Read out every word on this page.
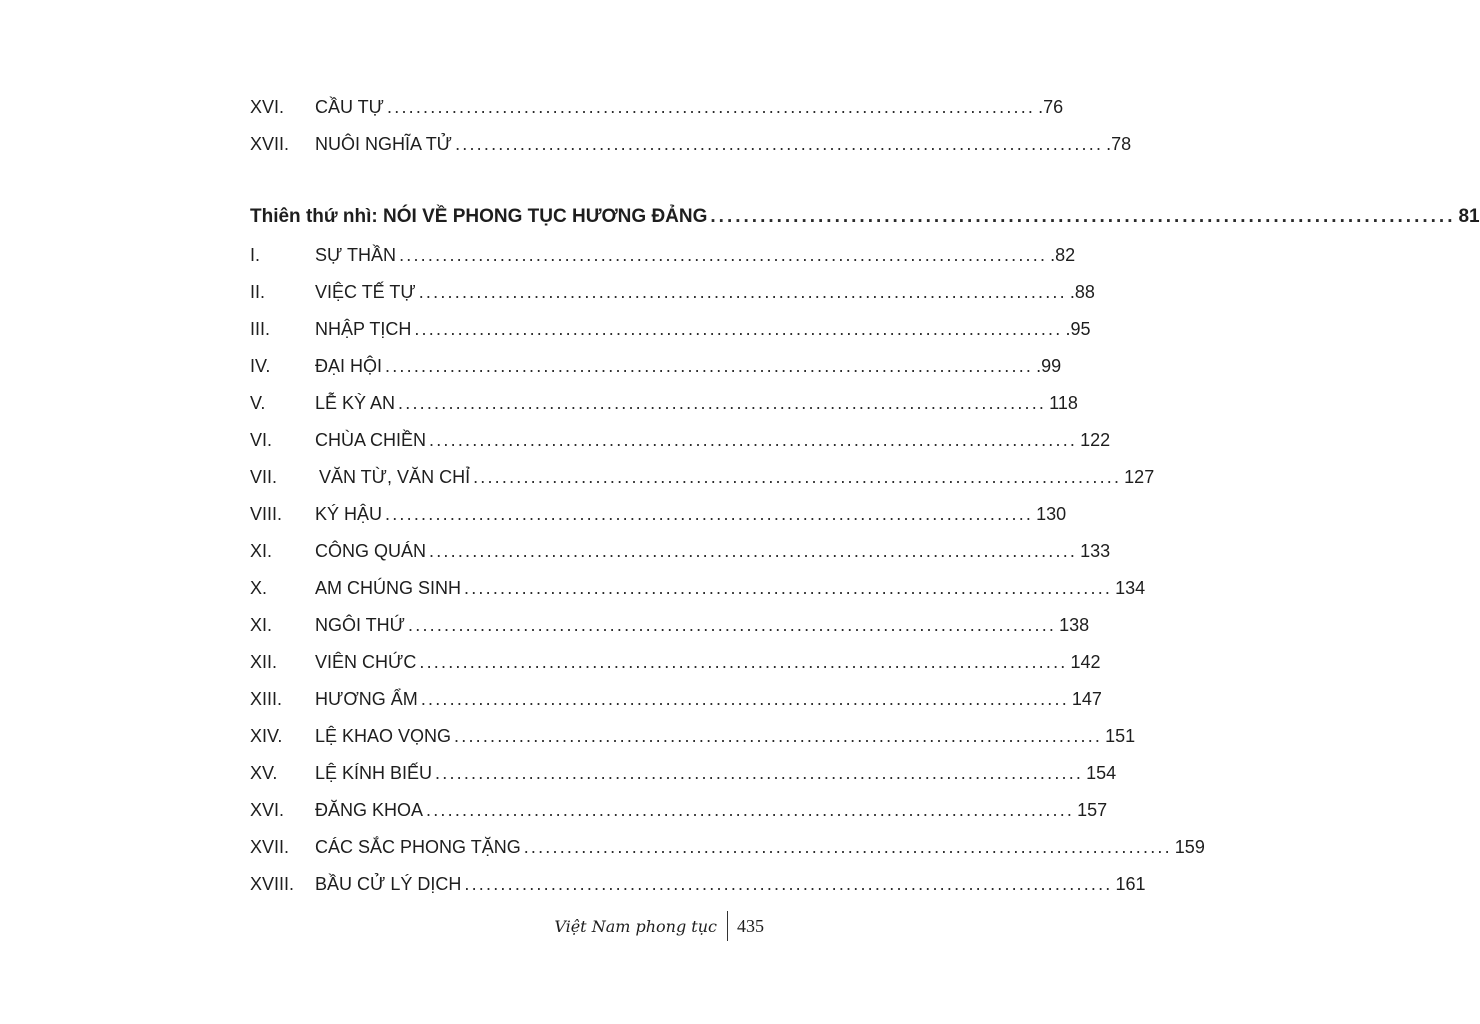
XVI.	CẦU TỰ .......................................................................................... .76
XVII.	NUÔI NGHĨA TỬ .......................................................................................... .78
Thiên thứ nhì: NÓI VỀ PHONG TỤC HƯƠNG ĐẢNG .......................................................................................... 81
I.	SỰ THẦN .......................................................................................... .82
II.	VIỆC TẾ TỰ .......................................................................................... .88
III.	NHẬP TỊCH .......................................................................................... .95
IV.	ĐẠI HỘI .......................................................................................... .99
V.	LỄ KỲ AN .......................................................................................... 118
VI.	CHÙA CHIỀN .......................................................................................... 122
VII.	VĂN TỪ, VĂN CHỈ .......................................................................................... 127
VIII.	KÝ HẬU .......................................................................................... 130
XI.	CÔNG QUÁN .......................................................................................... 133
X.	AM CHÚNG SINH .......................................................................................... 134
XI.	NGÔI THỨ .......................................................................................... 138
XII.	VIÊN CHỨC .......................................................................................... 142
XIII.	HƯƠNG ẨM .......................................................................................... 147
XIV.	LỆ KHAO VỌNG .......................................................................................... 151
XV.	LỆ KÍNH BIẾU .......................................................................................... 154
XVI.	ĐĂNG KHOA .......................................................................................... 157
XVII.	CÁC SẮC PHONG TẶNG .......................................................................................... 159
XVIII.	BẦU CỬ LÝ DỊCH .......................................................................................... 161
Việt Nam phong tục 435
